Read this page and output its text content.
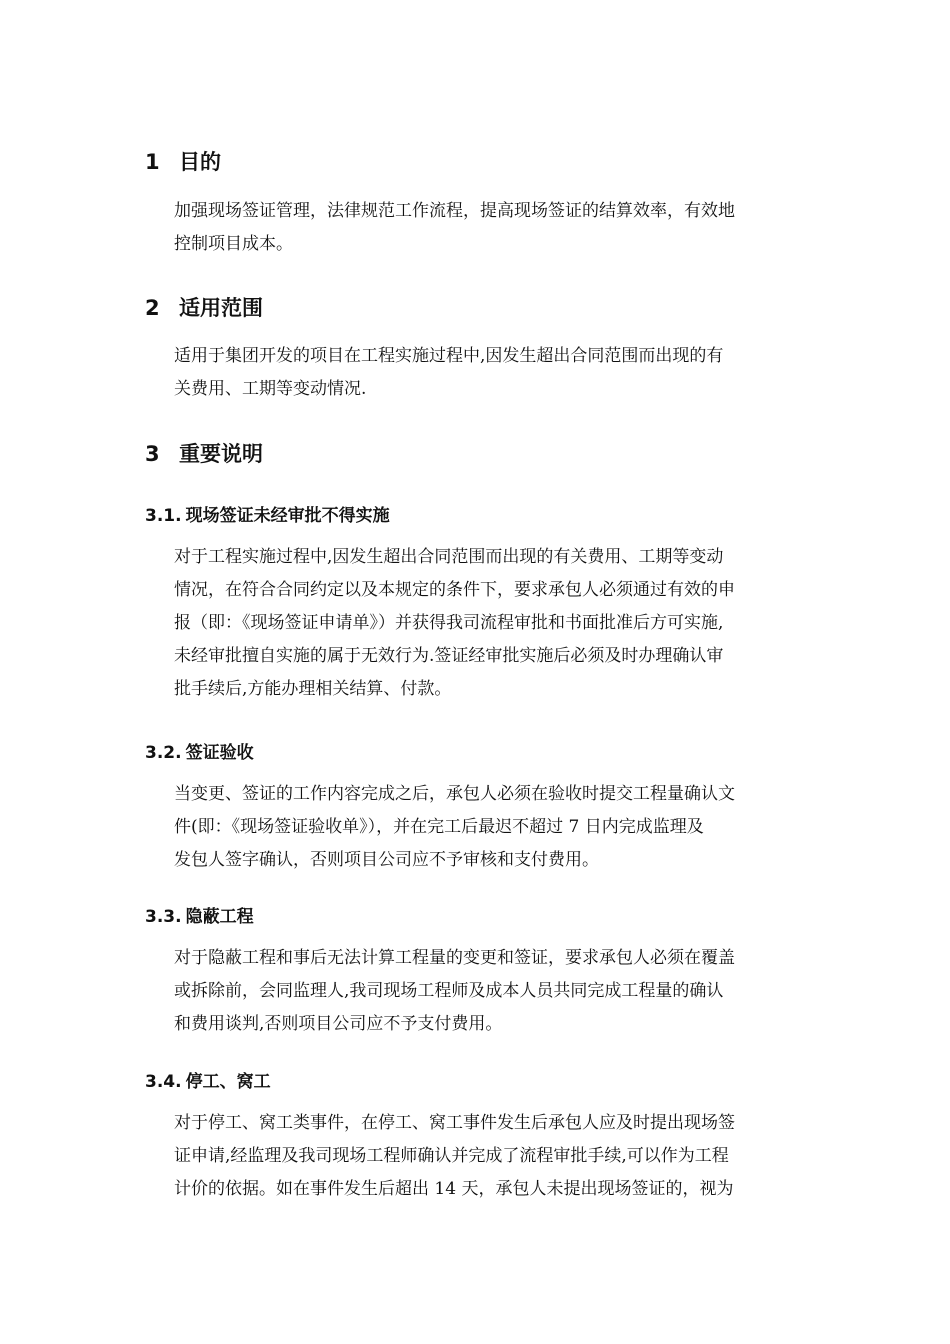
1 目的
加强现场签证管理，法律规范工作流程，提高现场签证的结算效率，有效地
控制项目成本。
2 适用范围
适用于集团开发的项目在工程实施过程中,因发生超出合同范围而出现的有
关费用、工期等变动情况.
3 重要说明
3.1. 现场签证未经审批不得实施
对于工程实施过程中,因发生超出合同范围而出现的有关费用、工期等变动
情况，在符合合同约定以及本规定的条件下，要求承包人必须通过有效的申
报（即：《现场签证申请单》）并获得我司流程审批和书面批准后方可实施,
未经审批擅自实施的属于无效行为.签证经审批实施后必须及时办理确认审
批手续后,方能办理相关结算、付款。
3.2. 签证验收
当变更、签证的工作内容完成之后，承包人必须在验收时提交工程量确认文
件(即：《现场签证验收单》），并在完工后最迟不超过 7 日内完成监理及
发包人签字确认，否则项目公司应不予审核和支付费用。
3.3. 隐蔽工程
对于隐蔽工程和事后无法计算工程量的变更和签证，要求承包人必须在覆盖
或拆除前，会同监理人,我司现场工程师及成本人员共同完成工程量的确认
和费用谈判,否则项目公司应不予支付费用。
3.4. 停工、窝工
对于停工、窝工类事件，在停工、窝工事件发生后承包人应及时提出现场签
证申请,经监理及我司现场工程师确认并完成了流程审批手续,可以作为工程
计价的依据。如在事件发生后超出 14 天，承包人未提出现场签证的，视为
